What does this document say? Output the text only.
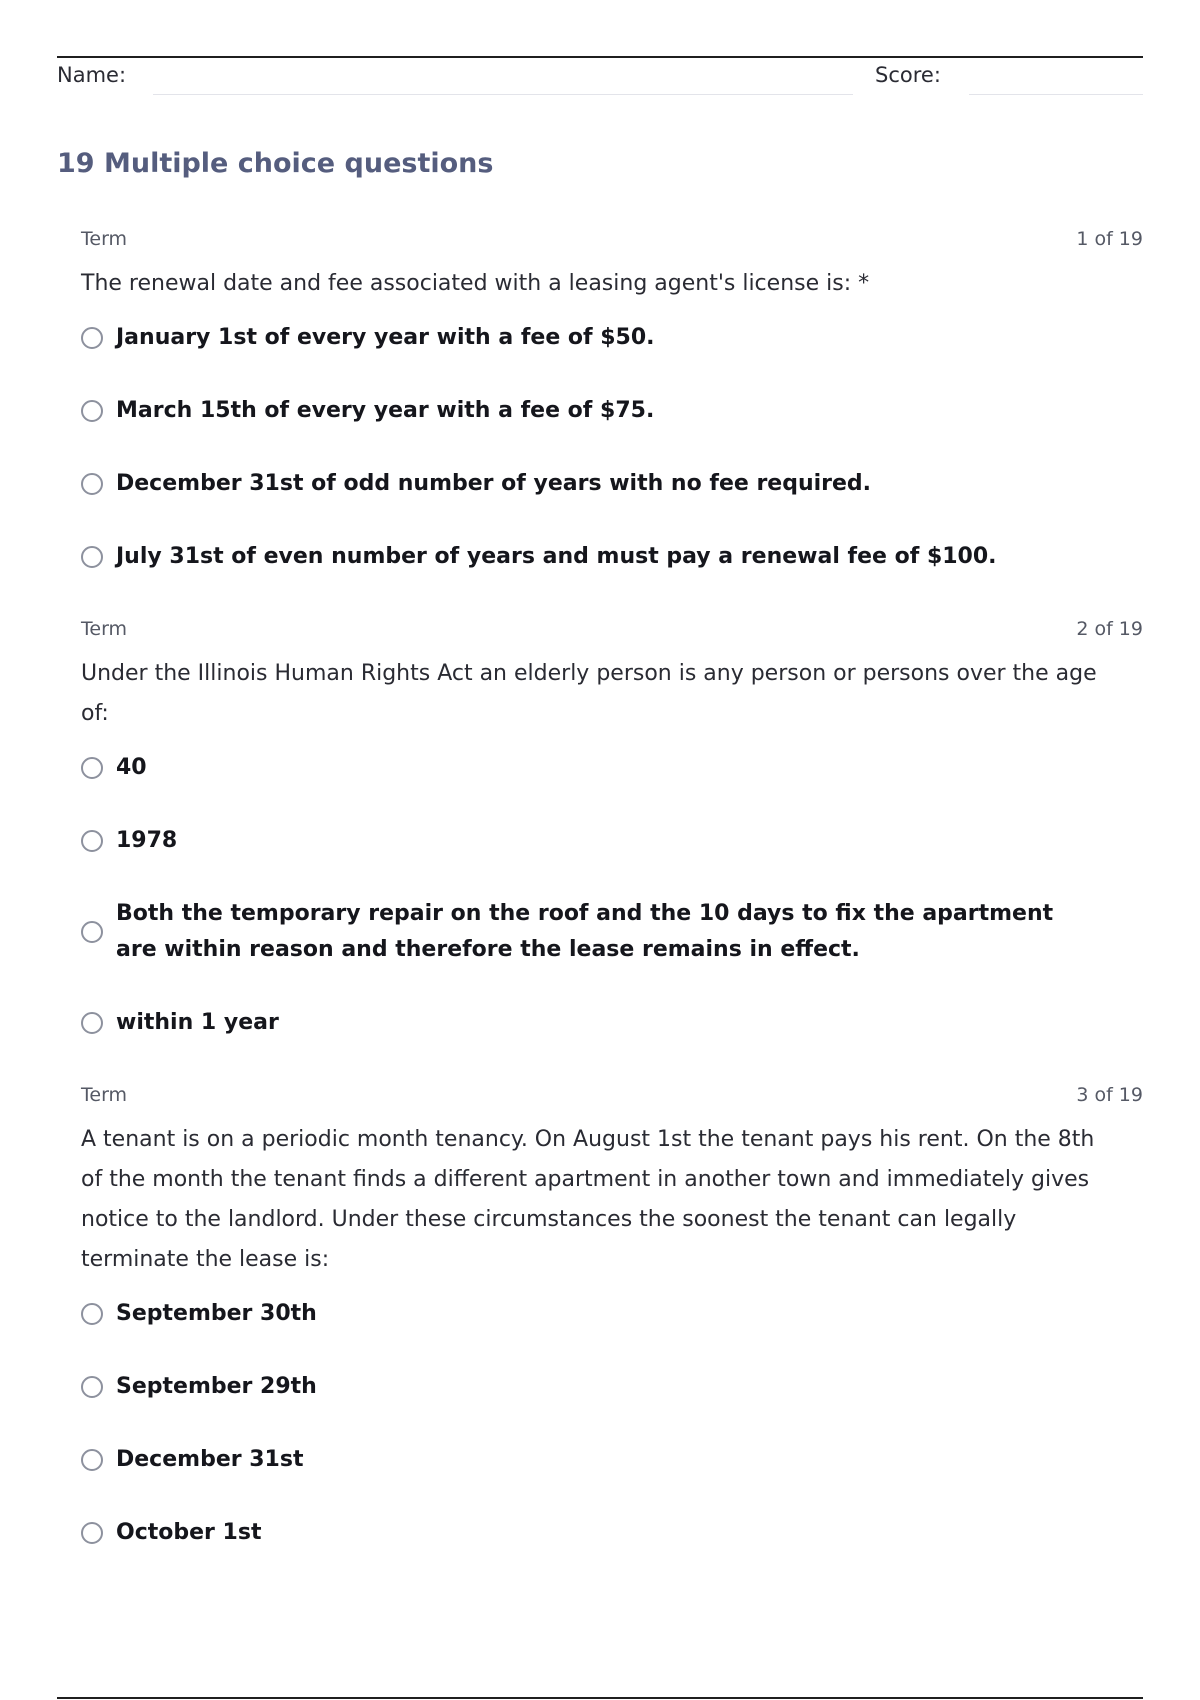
Name:	Score:
19 Multiple choice questions
Term	1 of 19

The renewal date and fee associated with a leasing agent's license is: *

January 1st of every year with a fee of $50.
March 15th of every year with a fee of $75.
December 31st of odd number of years with no fee required.
July 31st of even number of years and must pay a renewal fee of $100.
Term	2 of 19

Under the Illinois Human Rights Act an elderly person is any person or persons over the age of:

40
1978
Both the temporary repair on the roof and the 10 days to fix the apartment are within reason and therefore the lease remains in effect.
within 1 year
Term	3 of 19

A tenant is on a periodic month tenancy. On August 1st the tenant pays his rent. On the 8th of the month the tenant finds a different apartment in another town and immediately gives notice to the landlord. Under these circumstances the soonest the tenant can legally terminate the lease is:

September 30th
September 29th
December 31st
October 1st
